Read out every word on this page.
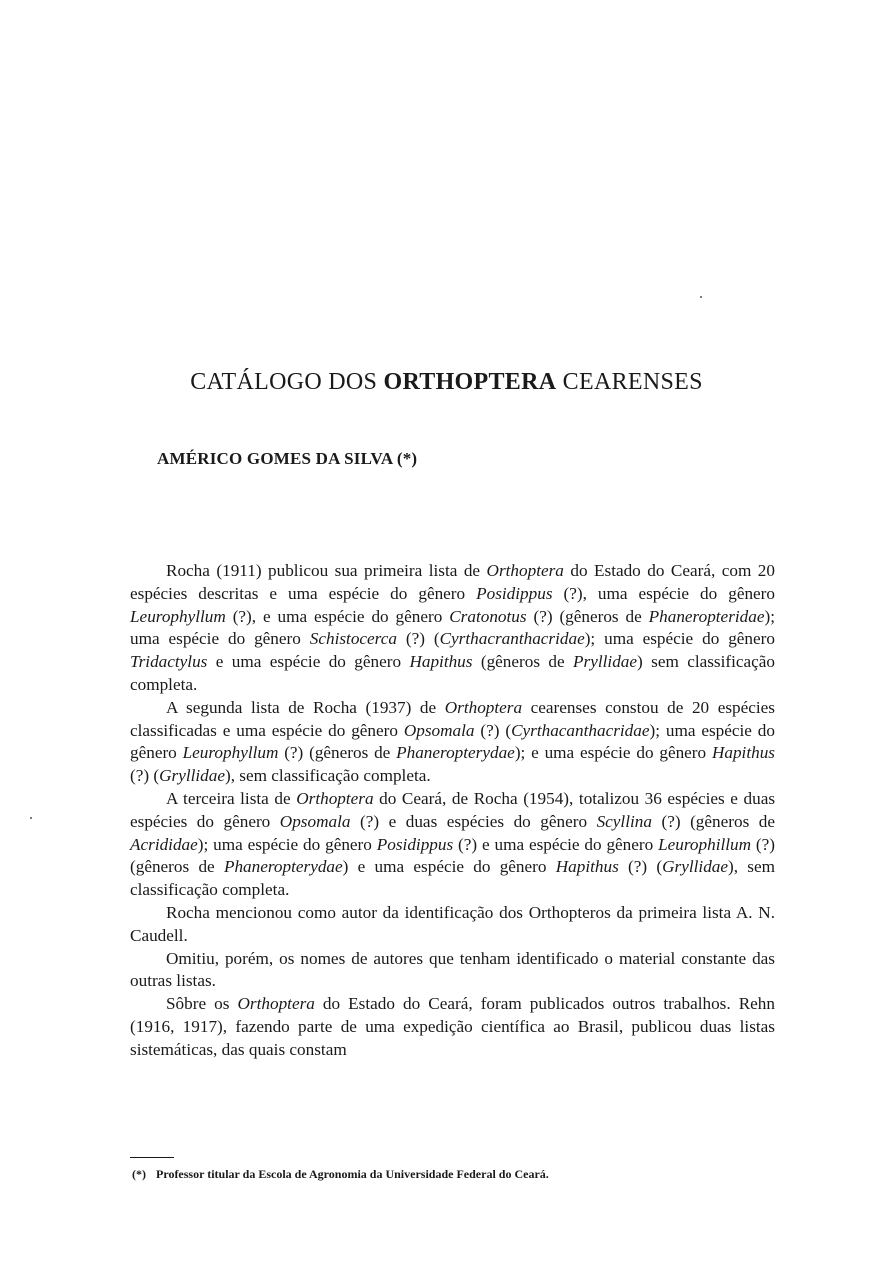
CATÁLOGO DOS ORTHOPTERA CEARENSES

AMÉRICO GOMES DA SILVA (*)

Rocha (1911) publicou sua primeira lista de Orthoptera do Estado do Ceará, com 20 espécies descritas e uma espécie do gênero Posidippus (?), uma espécie do gênero Leurophyllum (?), e uma espécie do gênero Cratonotus (?) (gêneros de Phaneropteridae); uma espécie do gênero Schistocerca (?) (Cyrthacranthacridae); uma espécie do gênero Tridactylus e uma espécie do gênero Hapithus (gêneros de Pryllidae) sem classificação completa.

A segunda lista de Rocha (1937) de Orthoptera cearenses constou de 20 espécies classificadas e uma espécie do gênero Opsomala (?) (Cyrthacanthacridae); uma espécie do gênero Leurophyllum (?) (gêneros de Phaneropterydae); e uma espécie do gênero Hapithus (?) (Gryllidae), sem classificação completa.

A terceira lista de Orthoptera do Ceará, de Rocha (1954), totalizou 36 espécies e duas espécies do gênero Opsomala (?) e duas espécies do gênero Scyllina (?) (gêneros de Acrididae); uma espécie do gênero Posidippus (?) e uma espécie do gênero Leurophillum (?) (gêneros de Phaneropterydae) e uma espécie do gênero Hapithus (?) (Gryllidae), sem classificação completa.

Rocha mencionou como autor da identificação dos Orthopteros da primeira lista A. N. Caudell.

Omitiu, porém, os nomes de autores que tenham identificado o material constante das outras listas.

Sôbre os Orthoptera do Estado do Ceará, foram publicados outros trabalhos. Rehn (1916, 1917), fazendo parte de uma expedição científica ao Brasil, publicou duas listas sistemáticas, das quais constam

(*) Professor titular da Escola de Agronomia da Universidade Federal do Ceará.
